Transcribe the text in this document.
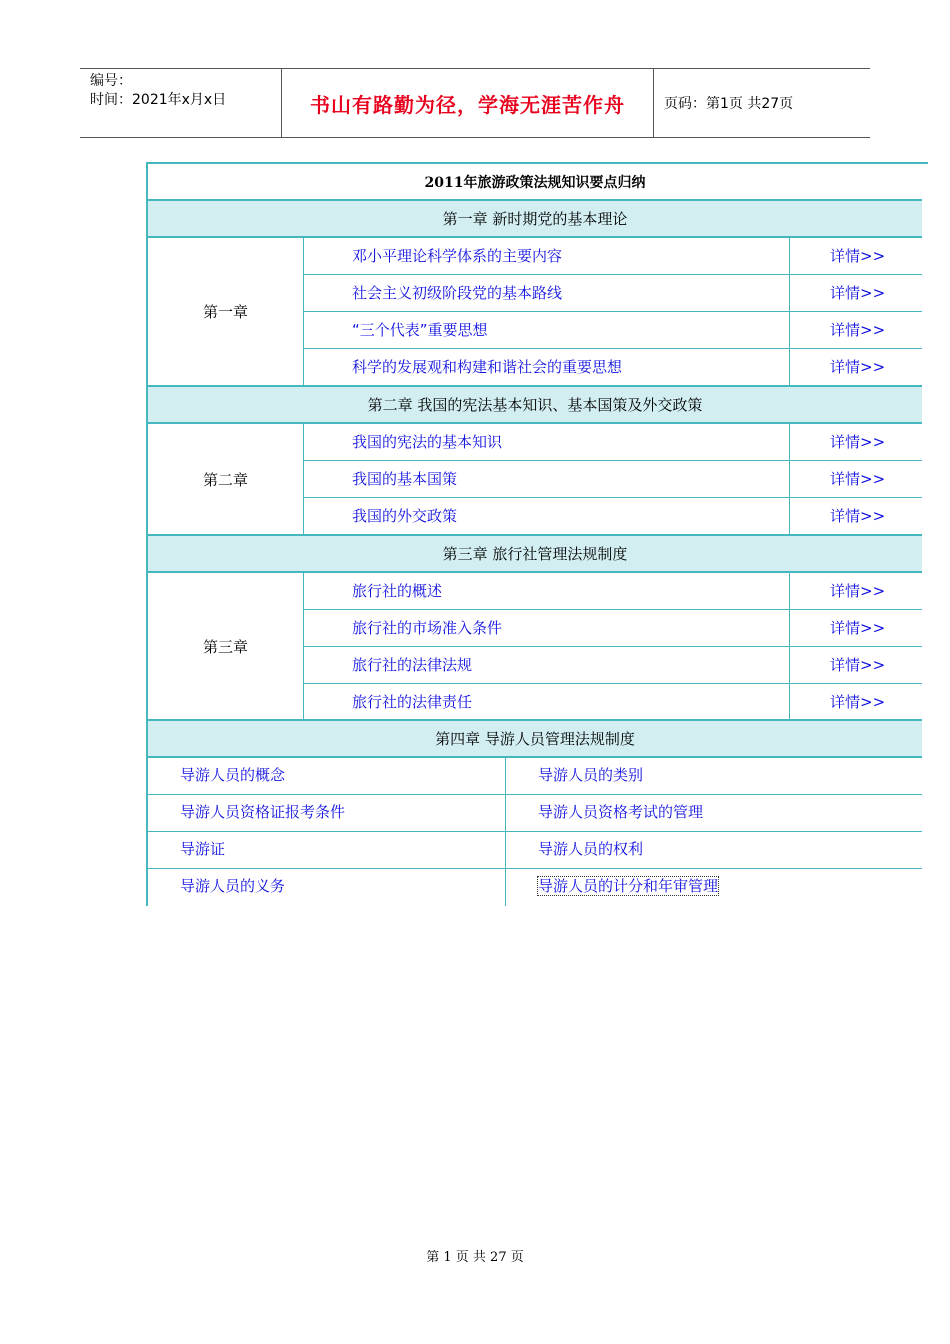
编号：
时间：2021年x月x日	书山有路勤为径，学海无涯苦作舟	页码：第1页 共27页
2011年旅游政策法规知识要点归纳
第一章 新时期党的基本理论
第一章
邓小平理论科学体系的主要内容	详情>>
社会主义初级阶段党的基本路线	详情>>
“三个代表”重要思想	详情>>
科学的发展观和构建和谐社会的重要思想	详情>>
第二章 我国的宪法基本知识、基本国策及外交政策
第二章
我国的宪法的基本知识	详情>>
我国的基本国策	详情>>
我国的外交政策	详情>>
第三章 旅行社管理法规制度
第三章
旅行社的概述	详情>>
旅行社的市场准入条件	详情>>
旅行社的法律法规	详情>>
旅行社的法律责任	详情>>
第四章 导游人员管理法规制度
导游人员的概念	导游人员的类别
导游人员资格证报考条件	导游人员资格考试的管理
导游证	导游人员的权利
导游人员的义务	导游人员的计分和年审管理
第 1 页 共 27 页
